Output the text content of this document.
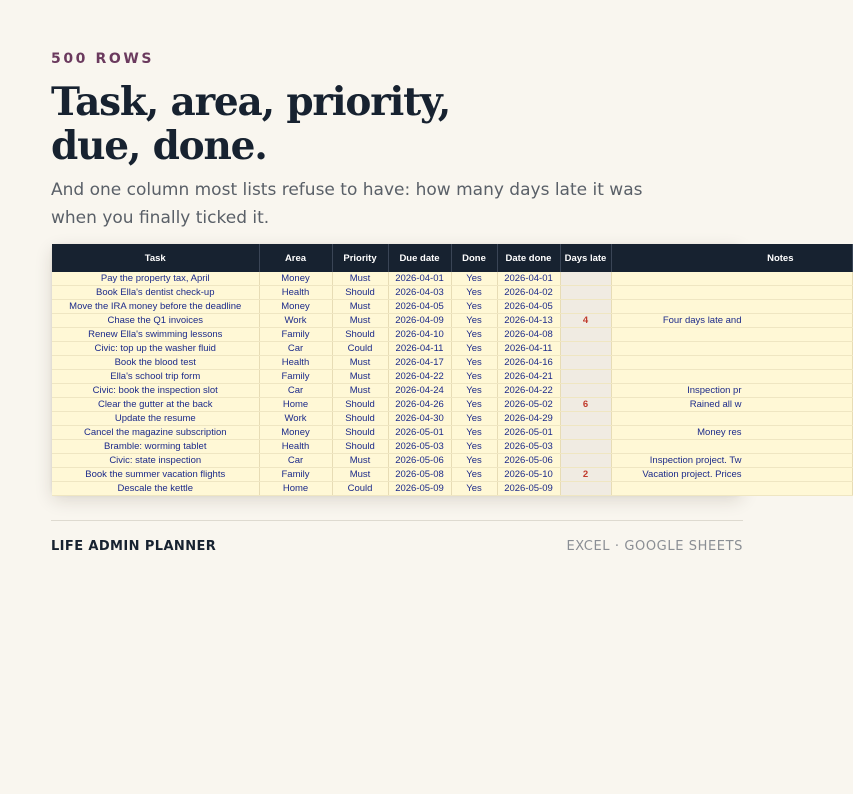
500 ROWS
Task, area, priority,
due, done.

And one column most lists refuse to have: how many days late it was when you finally ticked it.

Task	Area	Priority	Due date	Done	Date done	Days late	Notes
Pay the property tax, April	Money	Must	2026-04-01	Yes	2026-04-01		
Book Ella's dentist check-up	Health	Should	2026-04-03	Yes	2026-04-02		
Move the IRA money before the deadline	Money	Must	2026-04-05	Yes	2026-04-05		
Chase the Q1 invoices	Work	Must	2026-04-09	Yes	2026-04-13	4	Four days late and
Renew Ella's swimming lessons	Family	Should	2026-04-10	Yes	2026-04-08		
Civic: top up the washer fluid	Car	Could	2026-04-11	Yes	2026-04-11		
Book the blood test	Health	Must	2026-04-17	Yes	2026-04-16		
Ella's school trip form	Family	Must	2026-04-22	Yes	2026-04-21		
Civic: book the inspection slot	Car	Must	2026-04-24	Yes	2026-04-22		Inspection pr
Clear the gutter at the back	Home	Should	2026-04-26	Yes	2026-05-02	6	Rained all w
Update the resume	Work	Should	2026-04-30	Yes	2026-04-29		
Cancel the magazine subscription	Money	Should	2026-05-01	Yes	2026-05-01		Money res
Bramble: worming tablet	Health	Should	2026-05-03	Yes	2026-05-03		
Civic: state inspection	Car	Must	2026-05-06	Yes	2026-05-06		Inspection project. Tw
Book the summer vacation flights	Family	Must	2026-05-08	Yes	2026-05-10	2	Vacation project. Prices
Descale the kettle	Home	Could	2026-05-09	Yes	2026-05-09		
LIFE ADMIN PLANNER	EXCEL · GOOGLE SHEETS
